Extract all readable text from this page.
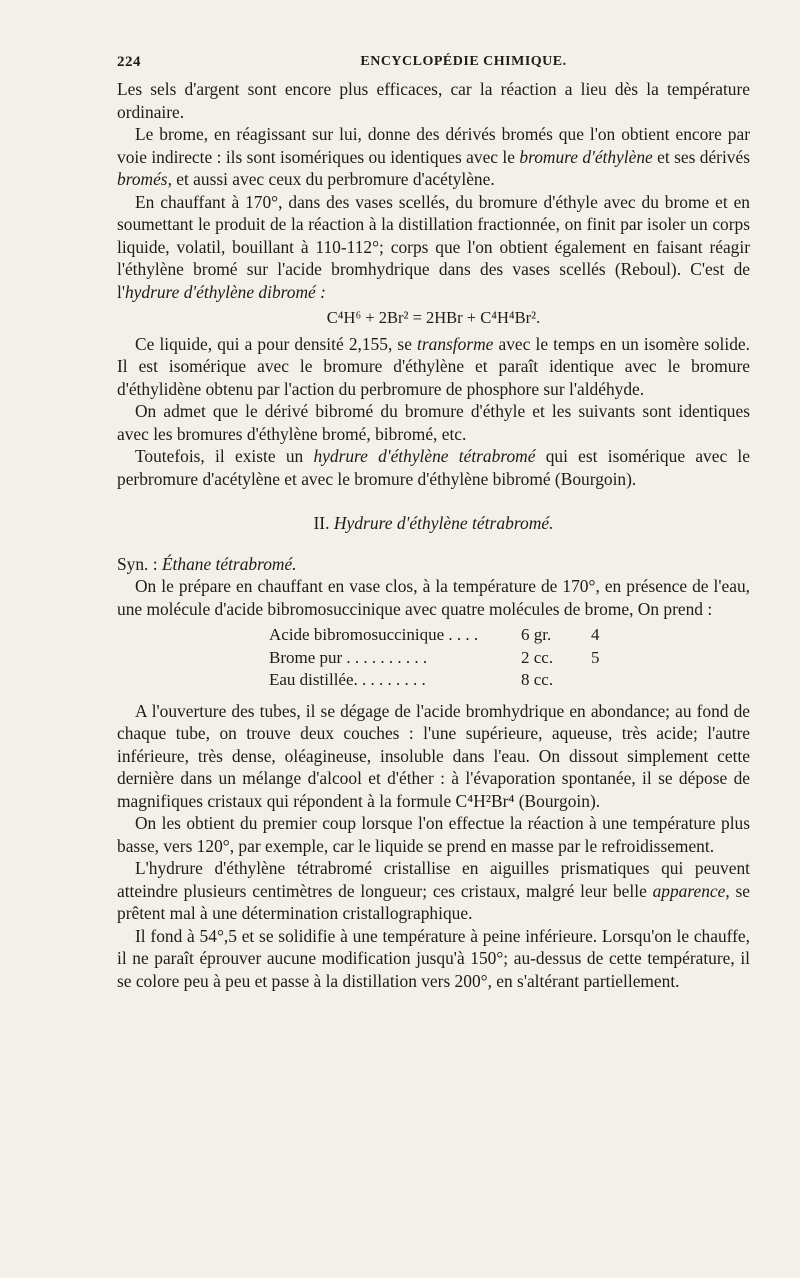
224	ENCYCLOPÉDIE CHIMIQUE.

Les sels d'argent sont encore plus efficaces, car la réaction a lieu dès la température ordinaire.

Le brome, en réagissant sur lui, donne des dérivés bromés que l'on obtient encore par voie indirecte : ils sont isomériques ou identiques avec le bromure d'éthylène et ses dérivés bromés, et aussi avec ceux du perbromure d'acétylène.

En chauffant à 170°, dans des vases scellés, du bromure d'éthyle avec du brome et en soumettant le produit de la réaction à la distillation fractionnée, on finit par isoler un corps liquide, volatil, bouillant à 110-112°; corps que l'on obtient également en faisant réagir l'éthylène bromé sur l'acide bromhydrique dans des vases scellés (Reboul). C'est de l'hydrure d'éthylène dibromé :

C⁴H⁶ + 2Br² = 2HBr + C⁴H⁴Br².

Ce liquide, qui a pour densité 2,155, se transforme avec le temps en un isomère solide. Il est isomérique avec le bromure d'éthylène et paraît identique avec le bromure d'éthylidène obtenu par l'action du perbromure de phosphore sur l'aldéhyde.

On admet que le dérivé bibromé du bromure d'éthyle et les suivants sont identiques avec les bromures d'éthylène bromé, bibromé, etc.

Toutefois, il existe un hydrure d'éthylène tétrabromé qui est isomérique avec le perbromure d'acétylène et avec le bromure d'éthylène bibromé (Bourgoin).

II. Hydrure d'éthylène tétrabromé.

Syn. : Éthane tétrabromé.

On le prépare en chauffant en vase clos, à la température de 170°, en présence de l'eau, une molécule d'acide bibromosuccinique avec quatre molécules de brome, On prend :

Acide bibromosuccinique . . . .	6 gr.	4
Brome pur . . . . . . . . . .	2 cc.	5
Eau distillée. . . . . . . . .	8 cc.

A l'ouverture des tubes, il se dégage de l'acide bromhydrique en abondance; au fond de chaque tube, on trouve deux couches : l'une supérieure, aqueuse, très acide; l'autre inférieure, très dense, oléagineuse, insoluble dans l'eau. On dissout simplement cette dernière dans un mélange d'alcool et d'éther : à l'évaporation spontanée, il se dépose de magnifiques cristaux qui répondent à la formule C⁴H²Br⁴ (Bourgoin).

On les obtient du premier coup lorsque l'on effectue la réaction à une température plus basse, vers 120°, par exemple, car le liquide se prend en masse par le refroidissement.

L'hydrure d'éthylène tétrabromé cristallise en aiguilles prismatiques qui peuvent atteindre plusieurs centimètres de longueur; ces cristaux, malgré leur belle apparence, se prêtent mal à une détermination cristallographique.

Il fond à 54°,5 et se solidifie à une température à peine inférieure. Lorsqu'on le chauffe, il ne paraît éprouver aucune modification jusqu'à 150°; au-dessus de cette température, il se colore peu à peu et passe à la distillation vers 200°, en s'altérant partiellement.
